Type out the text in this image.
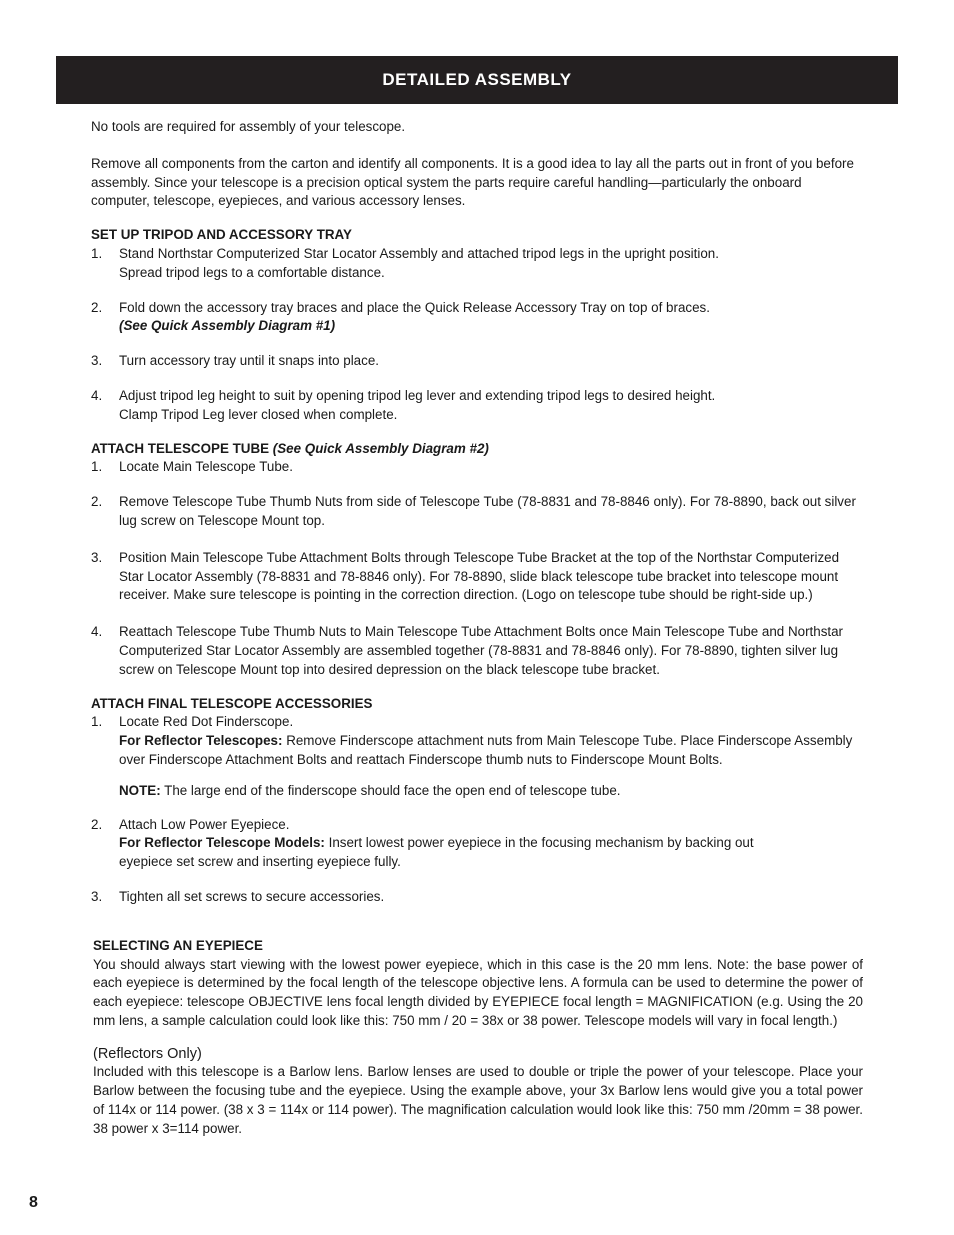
DETAILED ASSEMBLY

No tools are required for assembly of your telescope.

Remove all components from the carton and identify all components. It is a good idea to lay all the parts out in front of you before assembly. Since your telescope is a precision optical system the parts require careful handling—particularly the onboard computer, telescope, eyepieces, and various accessory lenses.

SET UP TRIPOD AND ACCESSORY TRAY

1.	Stand Northstar Computerized Star Locator Assembly and attached tripod legs in the upright position.
Spread tripod legs to a comfortable distance.
2.	Fold down the accessory tray braces and place the Quick Release Accessory Tray on top of braces.
(See Quick Assembly Diagram #1)
3.	Turn accessory tray until it snaps into place.
4.	Adjust tripod leg height to suit by opening tripod leg lever and extending tripod legs to desired height.
Clamp Tripod Leg lever closed when complete.

ATTACH TELESCOPE TUBE (See Quick Assembly Diagram #2)

1.	Locate Main Telescope Tube.
2.	Remove Telescope Tube Thumb Nuts from side of Telescope Tube (78-8831 and 78-8846 only). For 78-8890, back out silver lug screw on Telescope Mount top.
3.	Position Main Telescope Tube Attachment Bolts through Telescope Tube Bracket at the top of the Northstar Computerized Star Locator Assembly (78-8831 and 78-8846 only). For 78-8890, slide black telescope tube bracket into telescope mount receiver. Make sure telescope is pointing in the correction direction. (Logo on telescope tube should be right-side up.)
4.	Reattach Telescope Tube Thumb Nuts to Main Telescope Tube Attachment Bolts once Main Telescope Tube and Northstar Computerized Star Locator Assembly are assembled together (78-8831 and 78-8846 only). For 78-8890, tighten silver lug screw on Telescope Mount top into desired depression on the black telescope tube bracket.

ATTACH FINAL TELESCOPE ACCESSORIES

1.	Locate Red Dot Finderscope.
For Reflector Telescopes: Remove Finderscope attachment nuts from Main Telescope Tube. Place Finderscope Assembly over Finderscope Attachment Bolts and reattach Finderscope thumb nuts to Finderscope Mount Bolts.
NOTE: The large end of the finderscope should face the open end of telescope tube.
2.	Attach Low Power Eyepiece.
For Reflector Telescope Models: Insert lowest power eyepiece in the focusing mechanism by backing out eyepiece set screw and inserting eyepiece fully.
3.	Tighten all set screws to secure accessories.

SELECTING AN EYEPIECE

You should always start viewing with the lowest power eyepiece, which in this case is the 20 mm lens. Note: the base power of each eyepiece is determined by the focal length of the telescope objective lens. A formula can be used to determine the power of each eyepiece: telescope OBJECTIVE lens focal length divided by EYEPIECE focal length = MAGNIFICATION (e.g. Using the 20 mm lens, a sample calculation could look like this: 750 mm / 20 = 38x or 38 power. Telescope models will vary in focal length.)

(Reflectors Only)

Included with this telescope is a Barlow lens. Barlow lenses are used to double or triple the power of your telescope. Place your Barlow between the focusing tube and the eyepiece. Using the example above, your 3x Barlow lens would give you a total power of 114x or 114 power. (38 x 3 = 114x or 114 power). The magnification calculation would look like this: 750 mm /20mm = 38 power. 38 power x 3=114 power.

8
